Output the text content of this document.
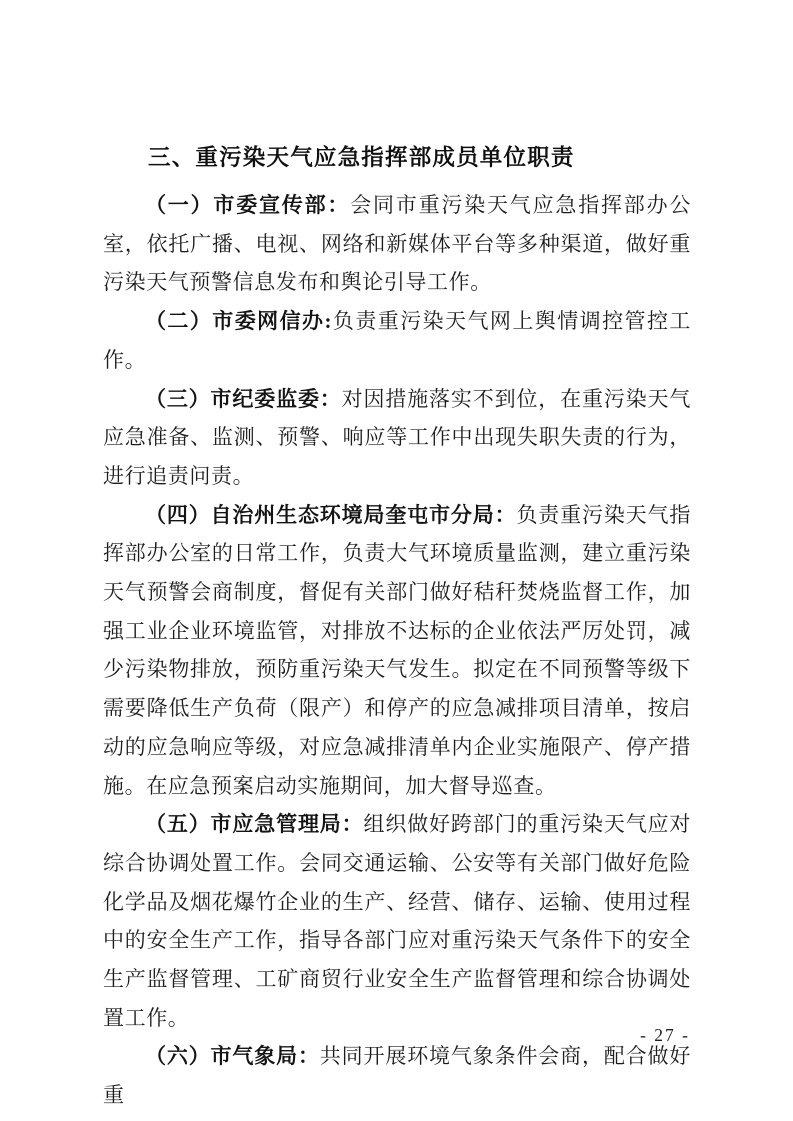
三、重污染天气应急指挥部成员单位职责

（一）市委宣传部：会同市重污染天气应急指挥部办公室，依托广播、电视、网络和新媒体平台等多种渠道，做好重污染天气预警信息发布和舆论引导工作。

（二）市委网信办:负责重污染天气网上舆情调控管控工作。

（三）市纪委监委：对因措施落实不到位，在重污染天气应急准备、监测、预警、响应等工作中出现失职失责的行为，进行追责问责。

（四）自治州生态环境局奎屯市分局：负责重污染天气指挥部办公室的日常工作，负责大气环境质量监测，建立重污染天气预警会商制度，督促有关部门做好秸秆焚烧监督工作，加强工业企业环境监管，对排放不达标的企业依法严厉处罚，减少污染物排放，预防重污染天气发生。拟定在不同预警等级下需要降低生产负荷（限产）和停产的应急减排项目清单，按启动的应急响应等级，对应急减排清单内企业实施限产、停产措施。在应急预案启动实施期间，加大督导巡查。

（五）市应急管理局：组织做好跨部门的重污染天气应对综合协调处置工作。会同交通运输、公安等有关部门做好危险化学品及烟花爆竹企业的生产、经营、储存、运输、使用过程中的安全生产工作，指导各部门应对重污染天气条件下的安全生产监督管理、工矿商贸行业安全生产监督管理和综合协调处置工作。

（六）市气象局：共同开展环境气象条件会商，配合做好重

- 27 -
